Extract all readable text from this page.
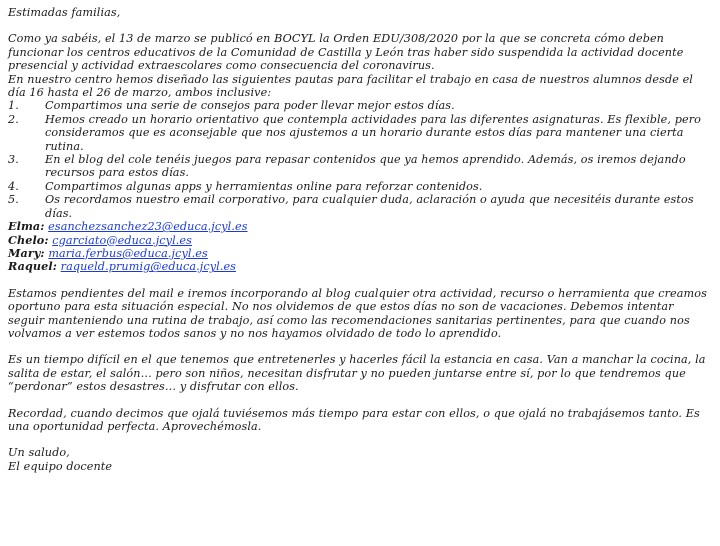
Estimadas familias,

Como ya sabéis, el 13 de marzo se publicó en BOCYL la Orden EDU/308/2020 por la que se concreta cómo deben funcionar los centros educativos de la Comunidad de Castilla y León tras haber sido suspendida la actividad docente presencial y actividad extraescolares como consecuencia del coronavirus.

En nuestro centro hemos diseñado las siguientes pautas para facilitar el trabajo en casa de nuestros alumnos desde el día 16 hasta el 26 de marzo, ambos inclusive:

1. Compartimos una serie de consejos para poder llevar mejor estos días.
2. Hemos creado un horario orientativo que contempla actividades para las diferentes asignaturas. Es flexible, pero consideramos que es aconsejable que nos ajustemos a un horario durante estos días para mantener una cierta rutina.
3. En el blog del cole tenéis juegos para repasar contenidos que ya hemos aprendido. Además, os iremos dejando recursos para estos días.
4. Compartimos algunas apps y herramientas online para reforzar contenidos.
5. Os recordamos nuestro email corporativo, para cualquier duda, aclaración o ayuda que necesitéis durante estos días.
Elma: esanchezsanchez23@educa.jcyl.es
Chelo: cgarciato@educa.jcyl.es
Mary: maria.ferbus@educa.jcyl.es
Raquel: raqueld.prumig@educa.jcyl.es

Estamos pendientes del mail e iremos incorporando al blog cualquier otra actividad, recurso o herramienta que creamos oportuno para esta situación especial. No nos olvidemos de que estos días no son de vacaciones. Debemos intentar seguir manteniendo una rutina de trabajo, así como las recomendaciones sanitarias pertinentes, para que cuando nos volvamos a ver estemos todos sanos y no nos hayamos olvidado de todo lo aprendido.

Es un tiempo difícil en el que tenemos que entretenerles y hacerles fácil la estancia en casa. Van a manchar la cocina, la salita de estar, el salón… pero son niños, necesitan disfrutar y no pueden juntarse entre sí, por lo que tendremos que “perdonar” estos desastres… y disfrutar con ellos.

Recordad, cuando decimos que ojalá tuviésemos más tiempo para estar con ellos, o que ojalá no trabajásemos tanto. Es una oportunidad perfecta. Aprovechémosla.

Un saludo,

El equipo docente
